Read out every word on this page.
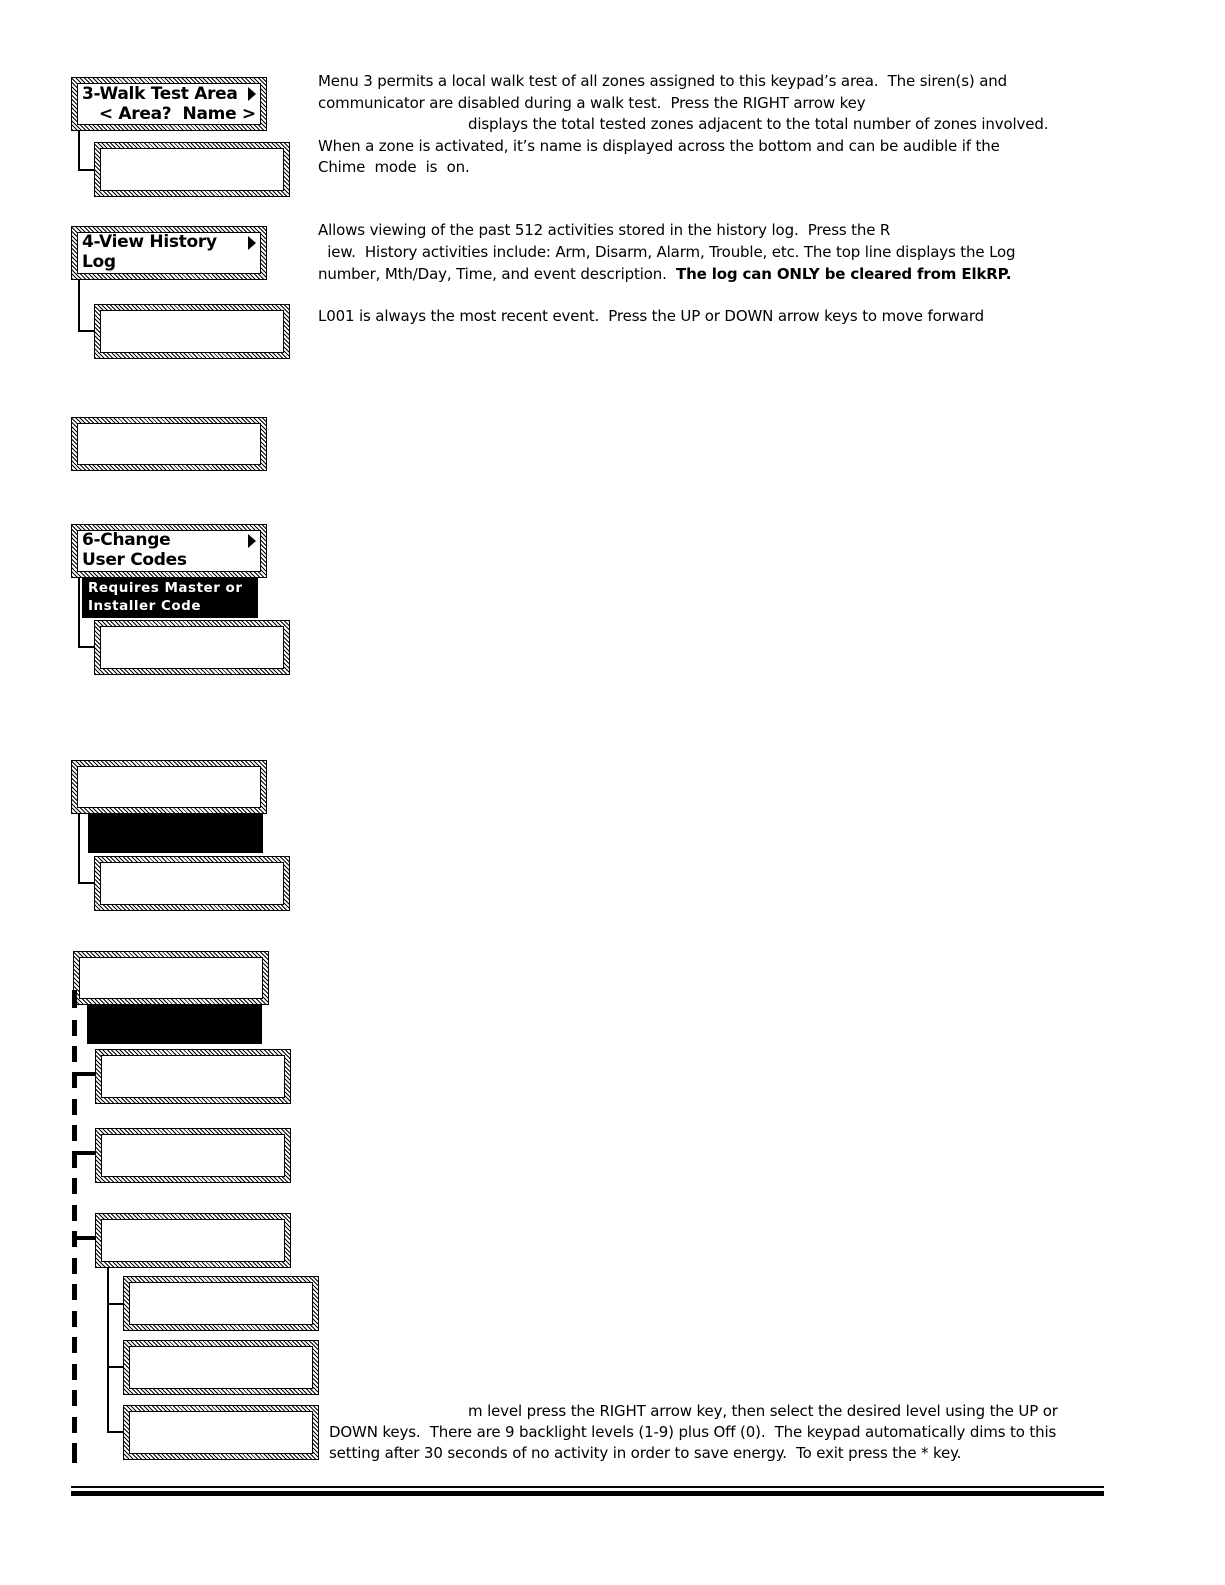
3-Walk Test Area
< Area?  Name >
Menu 3 permits a local walk test of all zones assigned to this keypad’s area.  The siren(s) and
communicator are disabled during a walk test.  Press the RIGHT arrow key
displays the total tested zones adjacent to the total number of zones involved.
When a zone is activated, it’s name is displayed across the bottom and can be audible if the
Chime  mode  is  on.
4-View History
Log
Allows viewing of the past 512 activities stored in the history log.  Press the R
iew.  History activities include: Arm, Disarm, Alarm, Trouble, etc. The top line displays the Log
number, Mth/Day, Time, and event description.  The log can ONLY be cleared from ElkRP.
L001 is always the most recent event.  Press the UP or DOWN arrow keys to move forward
6-Change
User Codes
Requires Master or
Installer Code
m level press the RIGHT arrow key, then select the desired level using the UP or
DOWN keys.  There are 9 backlight levels (1-9) plus Off (0).  The keypad automatically dims to this
setting after 30 seconds of no activity in order to save energy.  To exit press the * key.
